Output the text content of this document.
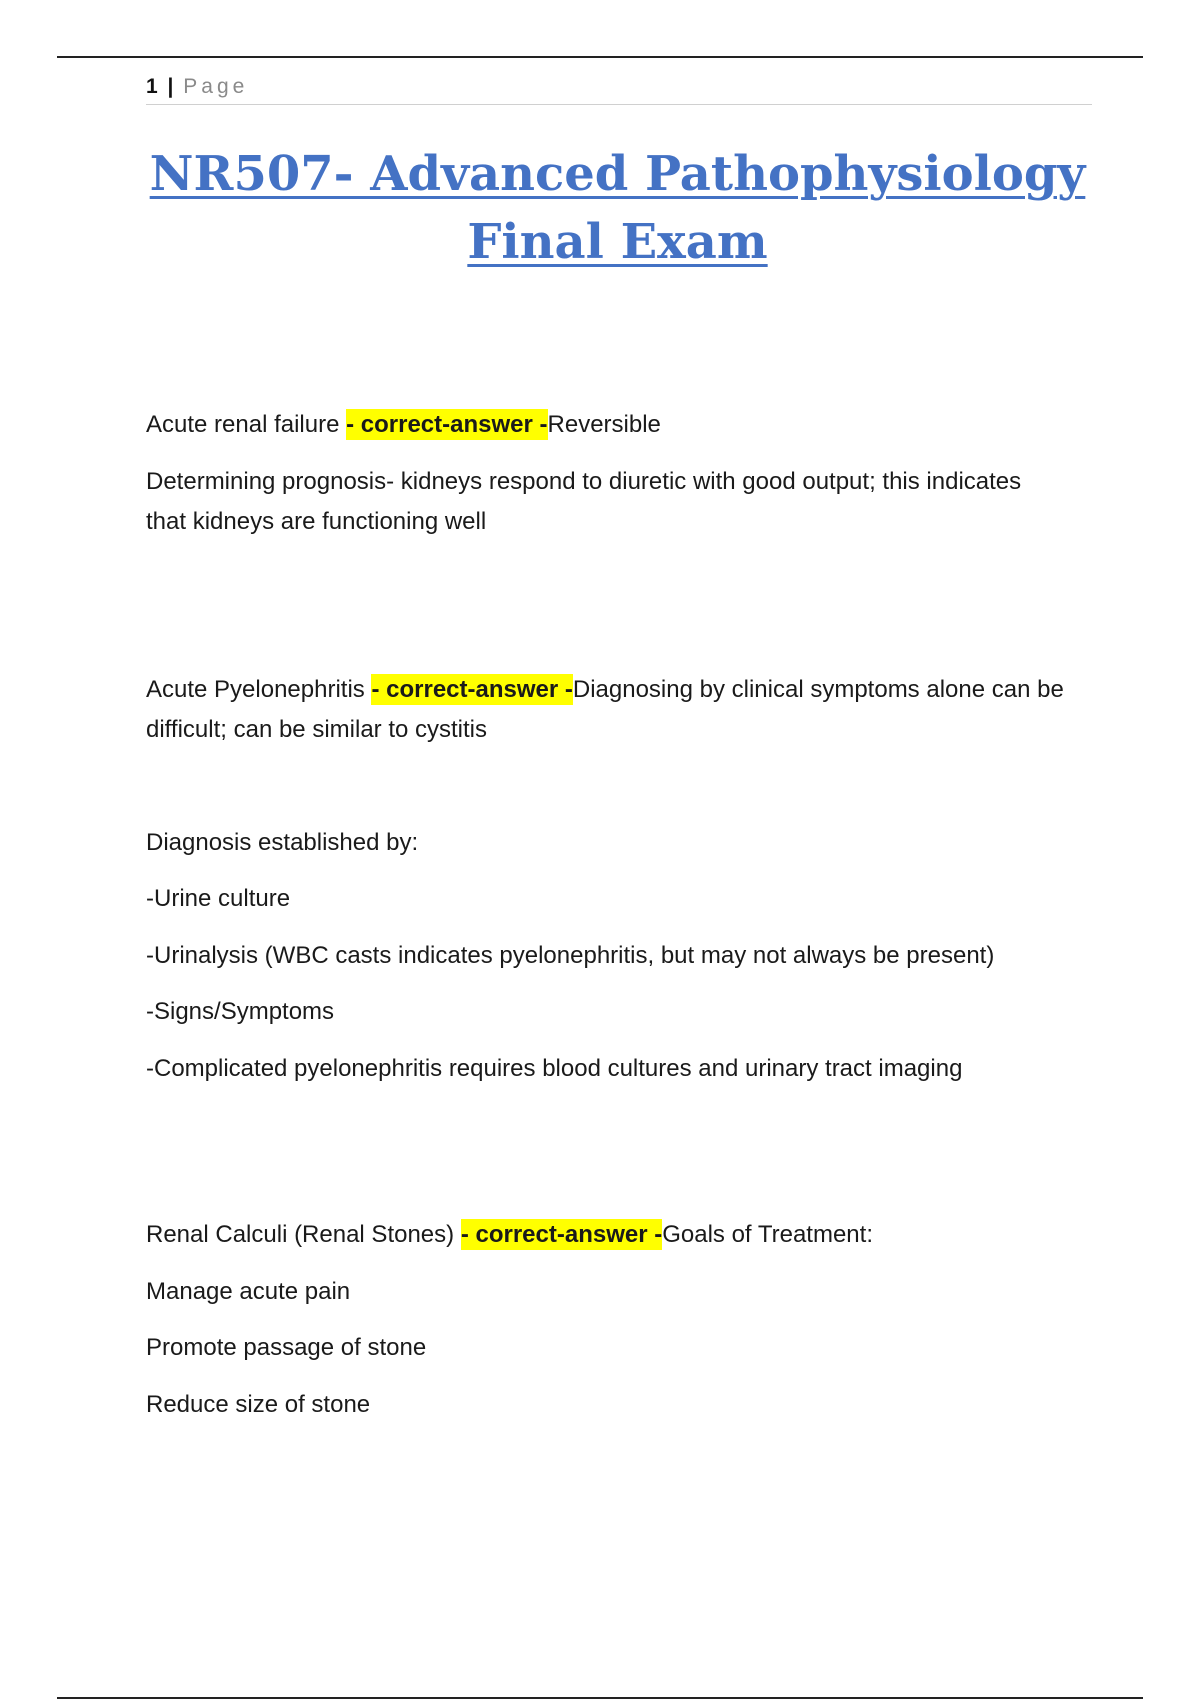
1 | Page
NR507- Advanced Pathophysiology Final Exam

Acute renal failure - correct-answer -Reversible

Determining prognosis- kidneys respond to diuretic with good output; this indicates that kidneys are functioning well

Acute Pyelonephritis - correct-answer -Diagnosing by clinical symptoms alone can be difficult; can be similar to cystitis

Diagnosis established by:

-Urine culture

-Urinalysis (WBC casts indicates pyelonephritis, but may not always be present)

-Signs/Symptoms

-Complicated pyelonephritis requires blood cultures and urinary tract imaging

Renal Calculi (Renal Stones) - correct-answer -Goals of Treatment:

Manage acute pain

Promote passage of stone

Reduce size of stone
